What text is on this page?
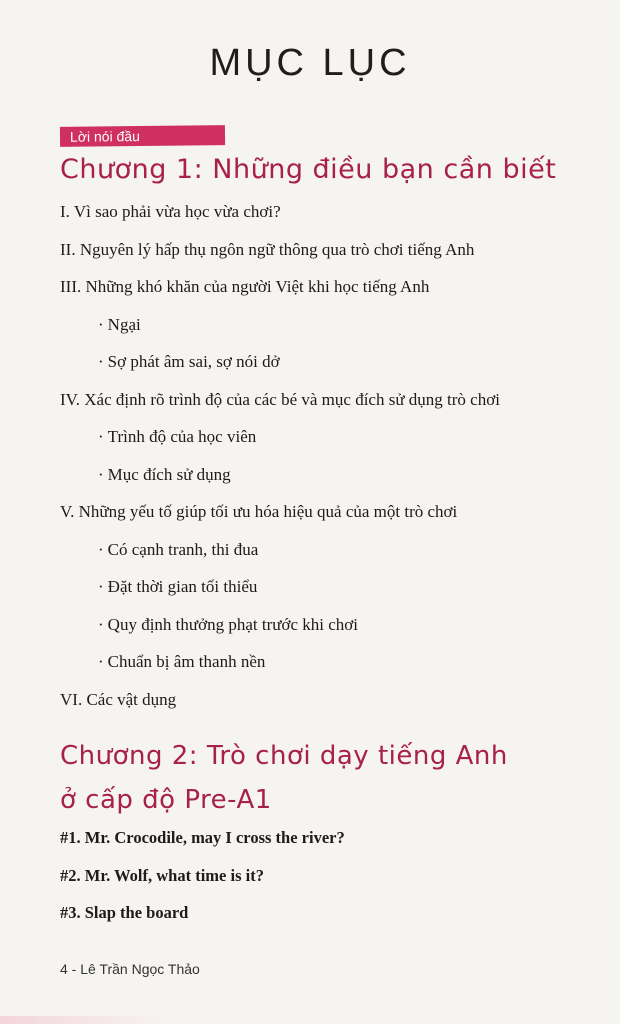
MỤC LỤC
Lời nói đầu
Chương 1: Những điều bạn cần biết
I. Vì sao phải vừa học vừa chơi?
II. Nguyên lý hấp thụ ngôn ngữ thông qua trò chơi tiếng Anh
III. Những khó khăn của người Việt khi học tiếng Anh
· Ngại
· Sợ phát âm sai, sợ nói dở
IV. Xác định rõ trình độ của các bé và mục đích sử dụng trò chơi
· Trình độ của học viên
· Mục đích sử dụng
V. Những yếu tố giúp tối ưu hóa hiệu quả của một trò chơi
· Có cạnh tranh, thi đua
· Đặt thời gian tối thiểu
· Quy định thưởng phạt trước khi chơi
· Chuẩn bị âm thanh nền
VI. Các vật dụng
Chương 2: Trò chơi dạy tiếng Anh
ở cấp độ Pre-A1
#1. Mr. Crocodile, may I cross the river?
#2. Mr. Wolf, what time is it?
#3. Slap the board
4 - Lê Trần Ngọc Thảo
